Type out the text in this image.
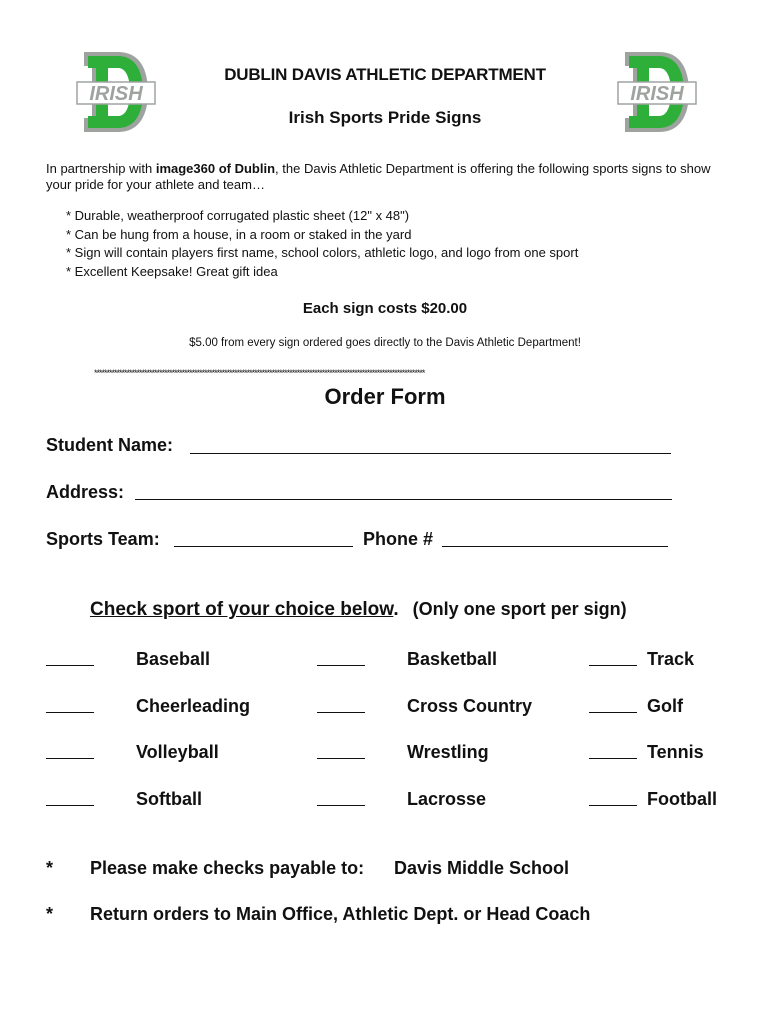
IRISH	IRISH
DUBLIN DAVIS ATHLETIC DEPARTMENT
Irish Sports Pride Signs
In partnership with image360 of Dublin, the Davis Athletic Department is offering the following sports signs to show your pride for your athlete and team…
* Durable, weatherproof corrugated plastic sheet (12" x 48")
* Can be hung from a house, in a room or staked in the yard
* Sign will contain players first name, school colors, athletic logo, and logo from one sport
* Excellent Keepsake! Great gift idea
Each sign costs $20.00
$5.00 from every sign ordered goes directly to the Davis Athletic Department!
************************************************************************************************************************************
Order Form
Student Name:
Address:
Sports Team:	Phone #
Check sport of your choice below. (Only one sport per sign)
Baseball	Basketball	Track
Cheerleading	Cross Country	Golf
Volleyball	Wrestling	Tennis
Softball	Lacrosse	Football
* Please make checks payable to: Davis Middle School
* Return orders to Main Office, Athletic Dept. or Head Coach
